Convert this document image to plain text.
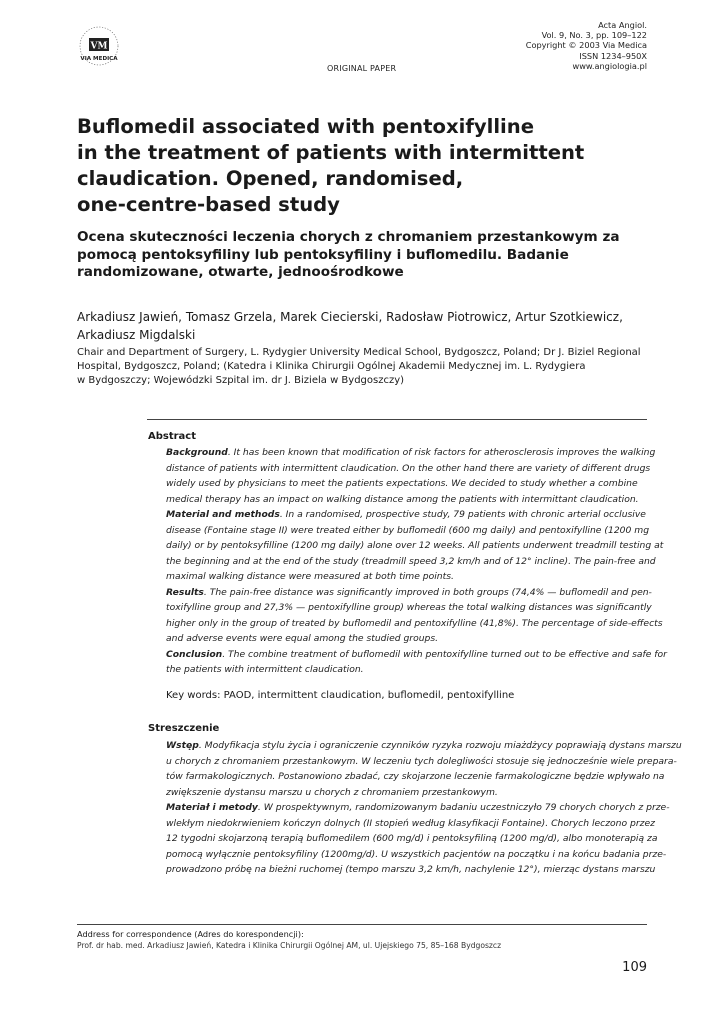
VM
VIA MEDICA
ORIGINAL PAPER
Acta Angiol.
Vol. 9, No. 3, pp. 109–122
Copyright © 2003 Via Medica
ISSN 1234–950X
www.angiologia.pl
Buflomedil associated with pentoxifylline
in the treatment of patients with intermittent
claudication. Opened, randomised,
one-centre-based study
Ocena skuteczności leczenia chorych z chromaniem przestankowym za
pomocą pentoksyfiliny lub pentoksyfiliny i buflomedilu. Badanie
randomizowane, otwarte, jednoośrodkowe
Arkadiusz Jawień, Tomasz Grzela, Marek Ciecierski, Radosław Piotrowicz, Artur Szotkiewicz,
Arkadiusz Migdalski
Chair and Department of Surgery, L. Rydygier University Medical School, Bydgoszcz, Poland; Dr J. Biziel Regional
Hospital, Bydgoszcz, Poland; (Katedra i Klinika Chirurgii Ogólnej Akademii Medycznej im. L. Rydygiera
w Bydgoszczy; Wojewódzki Szpital im. dr J. Biziela w Bydgoszczy)
Abstract
Background. It has been known that modification of risk factors for atherosclerosis improves the walking
distance of patients with intermittent claudication. On the other hand there are variety of different drugs
widely used by physicians to meet the patients expectations. We decided to study whether a combine
medical therapy has an impact on walking distance among the patients with intermittant claudication.
Material and methods. In a randomised, prospective study, 79 patients with chronic arterial occlusive
disease (Fontaine stage II) were treated either by buflomedil (600 mg daily) and pentoxifylline (1200 mg
daily) or by pentoksyfilline (1200 mg daily) alone over 12 weeks. All patients underwent treadmill testing at
the beginning and at the end of the study (treadmill speed 3,2 km/h and of 12° incline). The pain-free and
maximal walking distance were measured at both time points.
Results. The pain-free distance was significantly improved in both groups (74,4% — buflomedil and pen-
toxifylline group and 27,3% — pentoxifylline group) whereas the total walking distances was significantly
higher only in the group of treated by buflomedil and pentoxifylline (41,8%). The percentage of side-effects
and adverse events were equal among the studied groups.
Conclusion. The combine treatment of buflomedil with pentoxifylline turned out to be effective and safe for
the patients with intermittent claudication.
Key words: PAOD, intermittent claudication, buflomedil, pentoxifylline
Streszczenie
Wstęp. Modyfikacja stylu życia i ograniczenie czynników ryzyka rozwoju miażdżycy poprawiają dystans marszu
u chorych z chromaniem przestankowym. W leczeniu tych dolegliwości stosuje się jednocześnie wiele prepara-
tów farmakologicznych. Postanowiono zbadać, czy skojarzone leczenie farmakologiczne będzie wpływało na
zwiększenie dystansu marszu u chorych z chromaniem przestankowym.
Materiał i metody. W prospektywnym, randomizowanym badaniu uczestniczyło 79 chorych chorych z prze-
wlekłym niedokrwieniem kończyn dolnych (II stopień według klasyfikacji Fontaine). Chorych leczono przez
12 tygodni skojarzoną terapią buflomedilem (600 mg/d) i pentoksyfiliną (1200 mg/d), albo monoterapią za
pomocą wyłącznie pentoksyfiliny (1200mg/d). U wszystkich pacjentów na początku i na końcu badania prze-
prowadzono próbę na bieżni ruchomej (tempo marszu 3,2 km/h, nachylenie 12°), mierząc dystans marszu
Address for correspondence (Adres do korespondencji):
Prof. dr hab. med. Arkadiusz Jawień, Katedra i Klinika Chirurgii Ogólnej AM, ul. Ujejskiego 75, 85–168 Bydgoszcz
109
